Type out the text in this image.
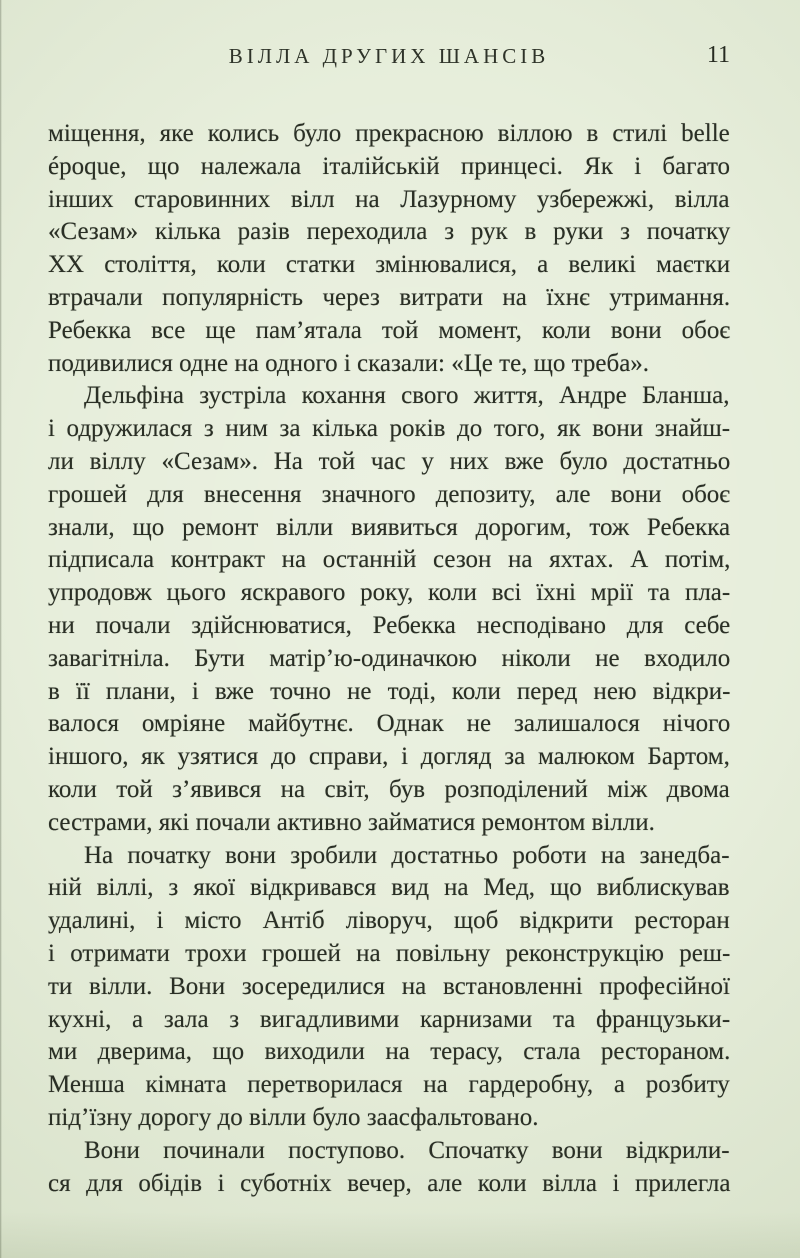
ВІЛЛА ДРУГИХ ШАНСІВ	11
міщення, яке колись було прекрасною віллою в стилі belle
époque, що належала італійській принцесі. Як і багато
інших старовинних вілл на Лазурному узбережжі, вілла
«Сезам» кілька разів переходила з рук в руки з початку
ХХ століття, коли статки змінювалися, а великі маєтки
втрачали популярність через витрати на їхнє утримання.
Ребекка все ще пам’ятала той момент, коли вони обоє
подивилися одне на одного і сказали: «Це те, що треба».
Дельфіна зустріла кохання свого життя, Андре Бланша,
і одружилася з ним за кілька років до того, як вони знайш-
ли віллу «Сезам». На той час у них вже було достатньо
грошей для внесення значного депозиту, але вони обоє
знали, що ремонт вілли виявиться дорогим, тож Ребекка
підписала контракт на останній сезон на яхтах. А потім,
упродовж цього яскравого року, коли всі їхні мрії та пла-
ни почали здійснюватися, Ребекка несподівано для себе
завагітніла. Бути матір’ю-одиначкою ніколи не входило
в її плани, і вже точно не тоді, коли перед нею відкри-
валося омріяне майбутнє. Однак не залишалося нічого
іншого, як узятися до справи, і догляд за малюком Бартом,
коли той з’явився на світ, був розподілений між двома
сестрами, які почали активно займатися ремонтом вілли.
На початку вони зробили достатньо роботи на занедба-
ній віллі, з якої відкривався вид на Мед, що виблискував
удалині, і місто Антіб ліворуч, щоб відкрити ресторан
і отримати трохи грошей на повільну реконструкцію реш-
ти вілли. Вони зосередилися на встановленні професійної
кухні, а зала з вигадливими карнизами та французьки-
ми дверима, що виходили на терасу, стала рестораном.
Менша кімната перетворилася на гардеробну, а розбиту
під’їзну дорогу до вілли було заасфальтовано.
Вони починали поступово. Спочатку вони відкрили-
ся для обідів і суботніх вечер, але коли вілла і прилегла
